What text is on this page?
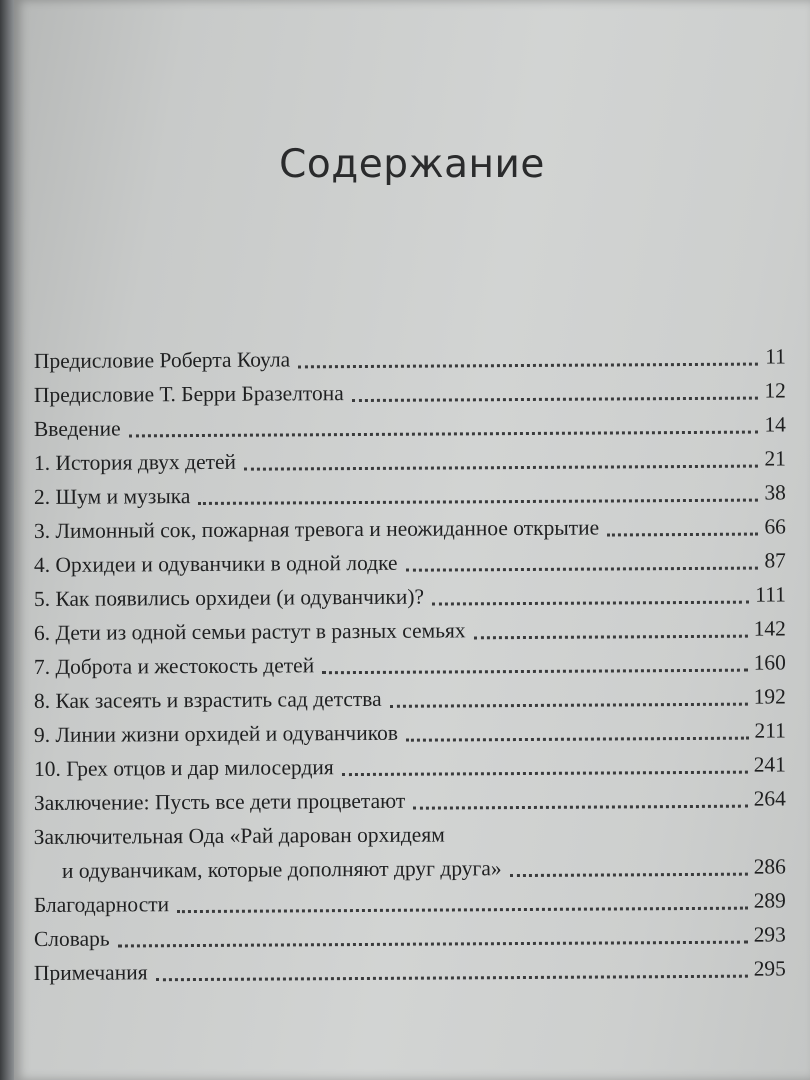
Содержание
Предисловие Роберта Коула	11
Предисловие Т. Берри Бразелтона	12
Введение	14
1. История двух детей	21
2. Шум и музыка	38
3. Лимонный сок, пожарная тревога и неожиданное открытие	66
4. Орхидеи и одуванчики в одной лодке	87
5. Как появились орхидеи (и одуванчики)?	111
6. Дети из одной семьи растут в разных семьях	142
7. Доброта и жестокость детей	160
8. Как засеять и взрастить сад детства	192
9. Линии жизни орхидей и одуванчиков	211
10. Грех отцов и дар милосердия	241
Заключение: Пусть все дети процветают	264
Заключительная Ода «Рай дарован орхидеям
и одуванчикам, которые дополняют друг друга»	286
Благодарности	289
Словарь	293
Примечания	295
